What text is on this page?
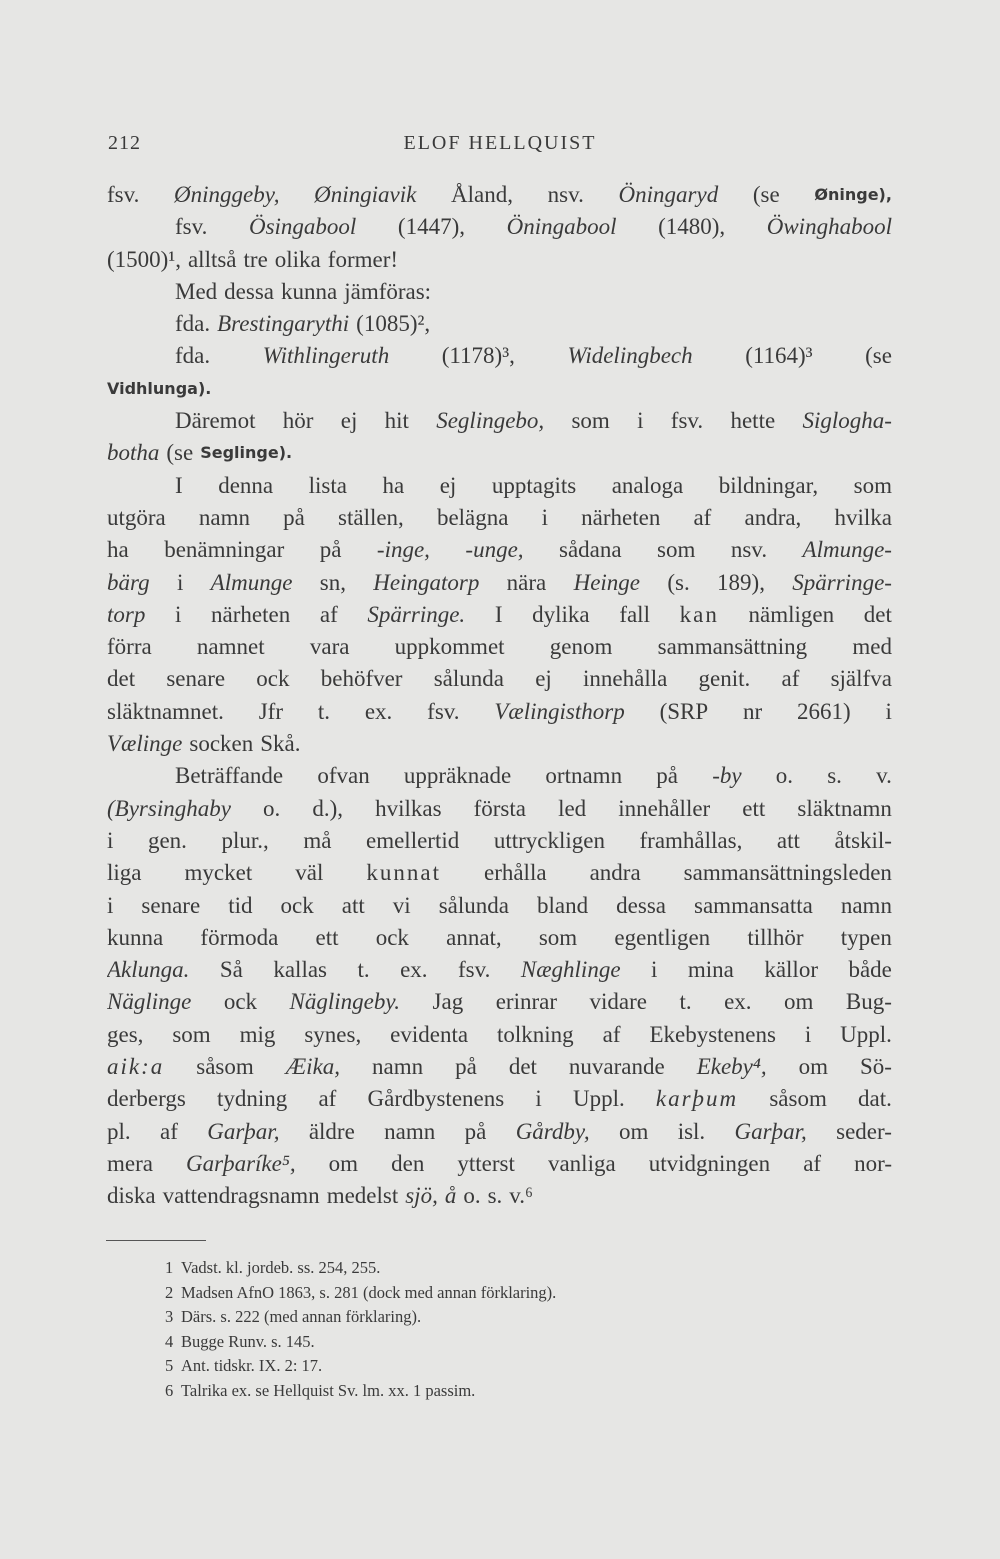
212	ELOF HELLQUIST
fsv. Øninggeby, Øningiavik Åland, nsv. Öningaryd (se Øninge),
fsv. Ösingabool (1447), Öningabool (1480), Öwinghabool
(1500)¹, alltså tre olika former!
Med dessa kunna jämföras:
fda. Brestingarythi (1085)²,
fda. Withlingeruth (1178)³, Widelingbech (1164)³ (se
Vidhlunga).
Däremot hör ej hit Seglingebo, som i fsv. hette Siglogha-
botha (se Seglinge).
I denna lista ha ej upptagits analoga bildningar, som
utgöra namn på ställen, belägna i närheten af andra, hvilka
ha benämningar på -inge, -unge, sådana som nsv. Almunge-
bärg i Almunge sn, Heingatorp nära Heinge (s. 189), Spärringe-
torp i närheten af Spärringe. I dylika fall kan nämligen det
förra namnet vara uppkommet genom sammansättning med
det senare ock behöfver sålunda ej innehålla genit. af själfva
släktnamnet. Jfr t. ex. fsv. Vælingisthorp (SRP nr 2661) i
Vælinge socken Skå.
Beträffande ofvan uppräknade ortnamn på -by o. s. v.
(Byrsinghaby o. d.), hvilkas första led innehåller ett släktnamn
i gen. plur., må emellertid uttryckligen framhållas, att åtskil-
liga mycket väl kunnat erhålla andra sammansättningsleden
i senare tid ock att vi sålunda bland dessa sammansatta namn
kunna förmoda ett ock annat, som egentligen tillhör typen
Aklunga. Så kallas t. ex. fsv. Næghlinge i mina källor både
Näglinge ock Näglingeby. Jag erinrar vidare t. ex. om Bug-
ges, som mig synes, evidenta tolkning af Ekebystenens i Uppl.
aik:a såsom Æika, namn på det nuvarande Ekeby⁴, om Sö-
derbergs tydning af Gårdbystenens i Uppl. karþum såsom dat.
pl. af Garþar, äldre namn på Gårdby, om isl. Garþar, seder-
mera Garþaríke⁵, om den ytterst vanliga utvidgningen af nor-
diska vattendragsnamn medelst sjö, å o. s. v.⁶
1 Vadst. kl. jordeb. ss. 254, 255.
2 Madsen AfnO 1863, s. 281 (dock med annan förklaring).
3 Därs. s. 222 (med annan förklaring).
4 Bugge Runv. s. 145.
5 Ant. tidskr. IX. 2: 17.
6 Talrika ex. se Hellquist Sv. lm. xx. 1 passim.
